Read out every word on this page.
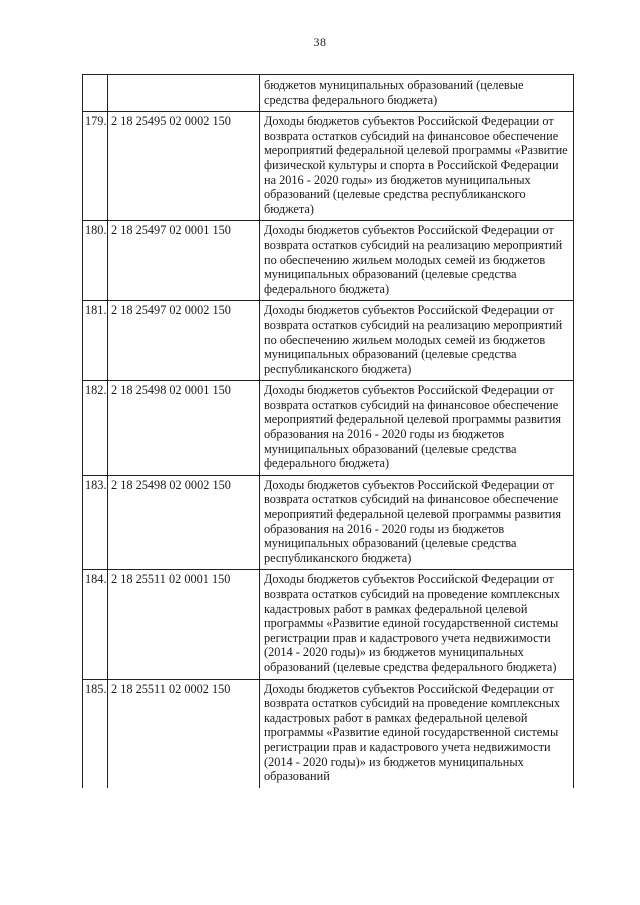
38
		бюджетов муниципальных образований (целевые средства федерального бюджета)
179.	2 18 25495 02 0002 150	Доходы бюджетов субъектов Российской Федерации от возврата остатков субсидий на финансовое обеспечение мероприятий федеральной целевой программы «Развитие физической культуры и спорта в Российской Федерации на 2016 - 2020 годы» из бюджетов муниципальных образований (целевые средства республиканского бюджета)
180.	2 18 25497 02 0001 150	Доходы бюджетов субъектов Российской Федерации от возврата остатков субсидий на реализацию мероприятий по обеспечению жильем молодых семей из бюджетов муниципальных образований (целевые средства федерального бюджета)
181.	2 18 25497 02 0002 150	Доходы бюджетов субъектов Российской Федерации от возврата остатков субсидий на реализацию мероприятий по обеспечению жильем молодых семей из бюджетов муниципальных образований (целевые средства республиканского бюджета)
182.	2 18 25498 02 0001 150	Доходы бюджетов субъектов Российской Федерации от возврата остатков субсидий на финансовое обеспечение мероприятий федеральной целевой программы развития образования на 2016 - 2020 годы из бюджетов муниципальных образований (целевые средства федерального бюджета)
183.	2 18 25498 02 0002 150	Доходы бюджетов субъектов Российской Федерации от возврата остатков субсидий на финансовое обеспечение мероприятий федеральной целевой программы развития образования на 2016 - 2020 годы из бюджетов муниципальных образований (целевые средства республиканского бюджета)
184.	2 18 25511 02 0001 150	Доходы бюджетов субъектов Российской Федерации от возврата остатков субсидий на проведение комплексных кадастровых работ в рамках федеральной целевой программы «Развитие единой государственной системы регистрации прав и кадастрового учета недвижимости (2014 - 2020 годы)» из бюджетов муниципальных образований (целевые средства федерального бюджета)
185.	2 18 25511 02 0002 150	Доходы бюджетов субъектов Российской Федерации от возврата остатков субсидий на проведение комплексных кадастровых работ в рамках федеральной целевой программы «Развитие единой государственной системы регистрации прав и кадастрового учета недвижимости (2014 - 2020 годы)» из бюджетов муниципальных образований
